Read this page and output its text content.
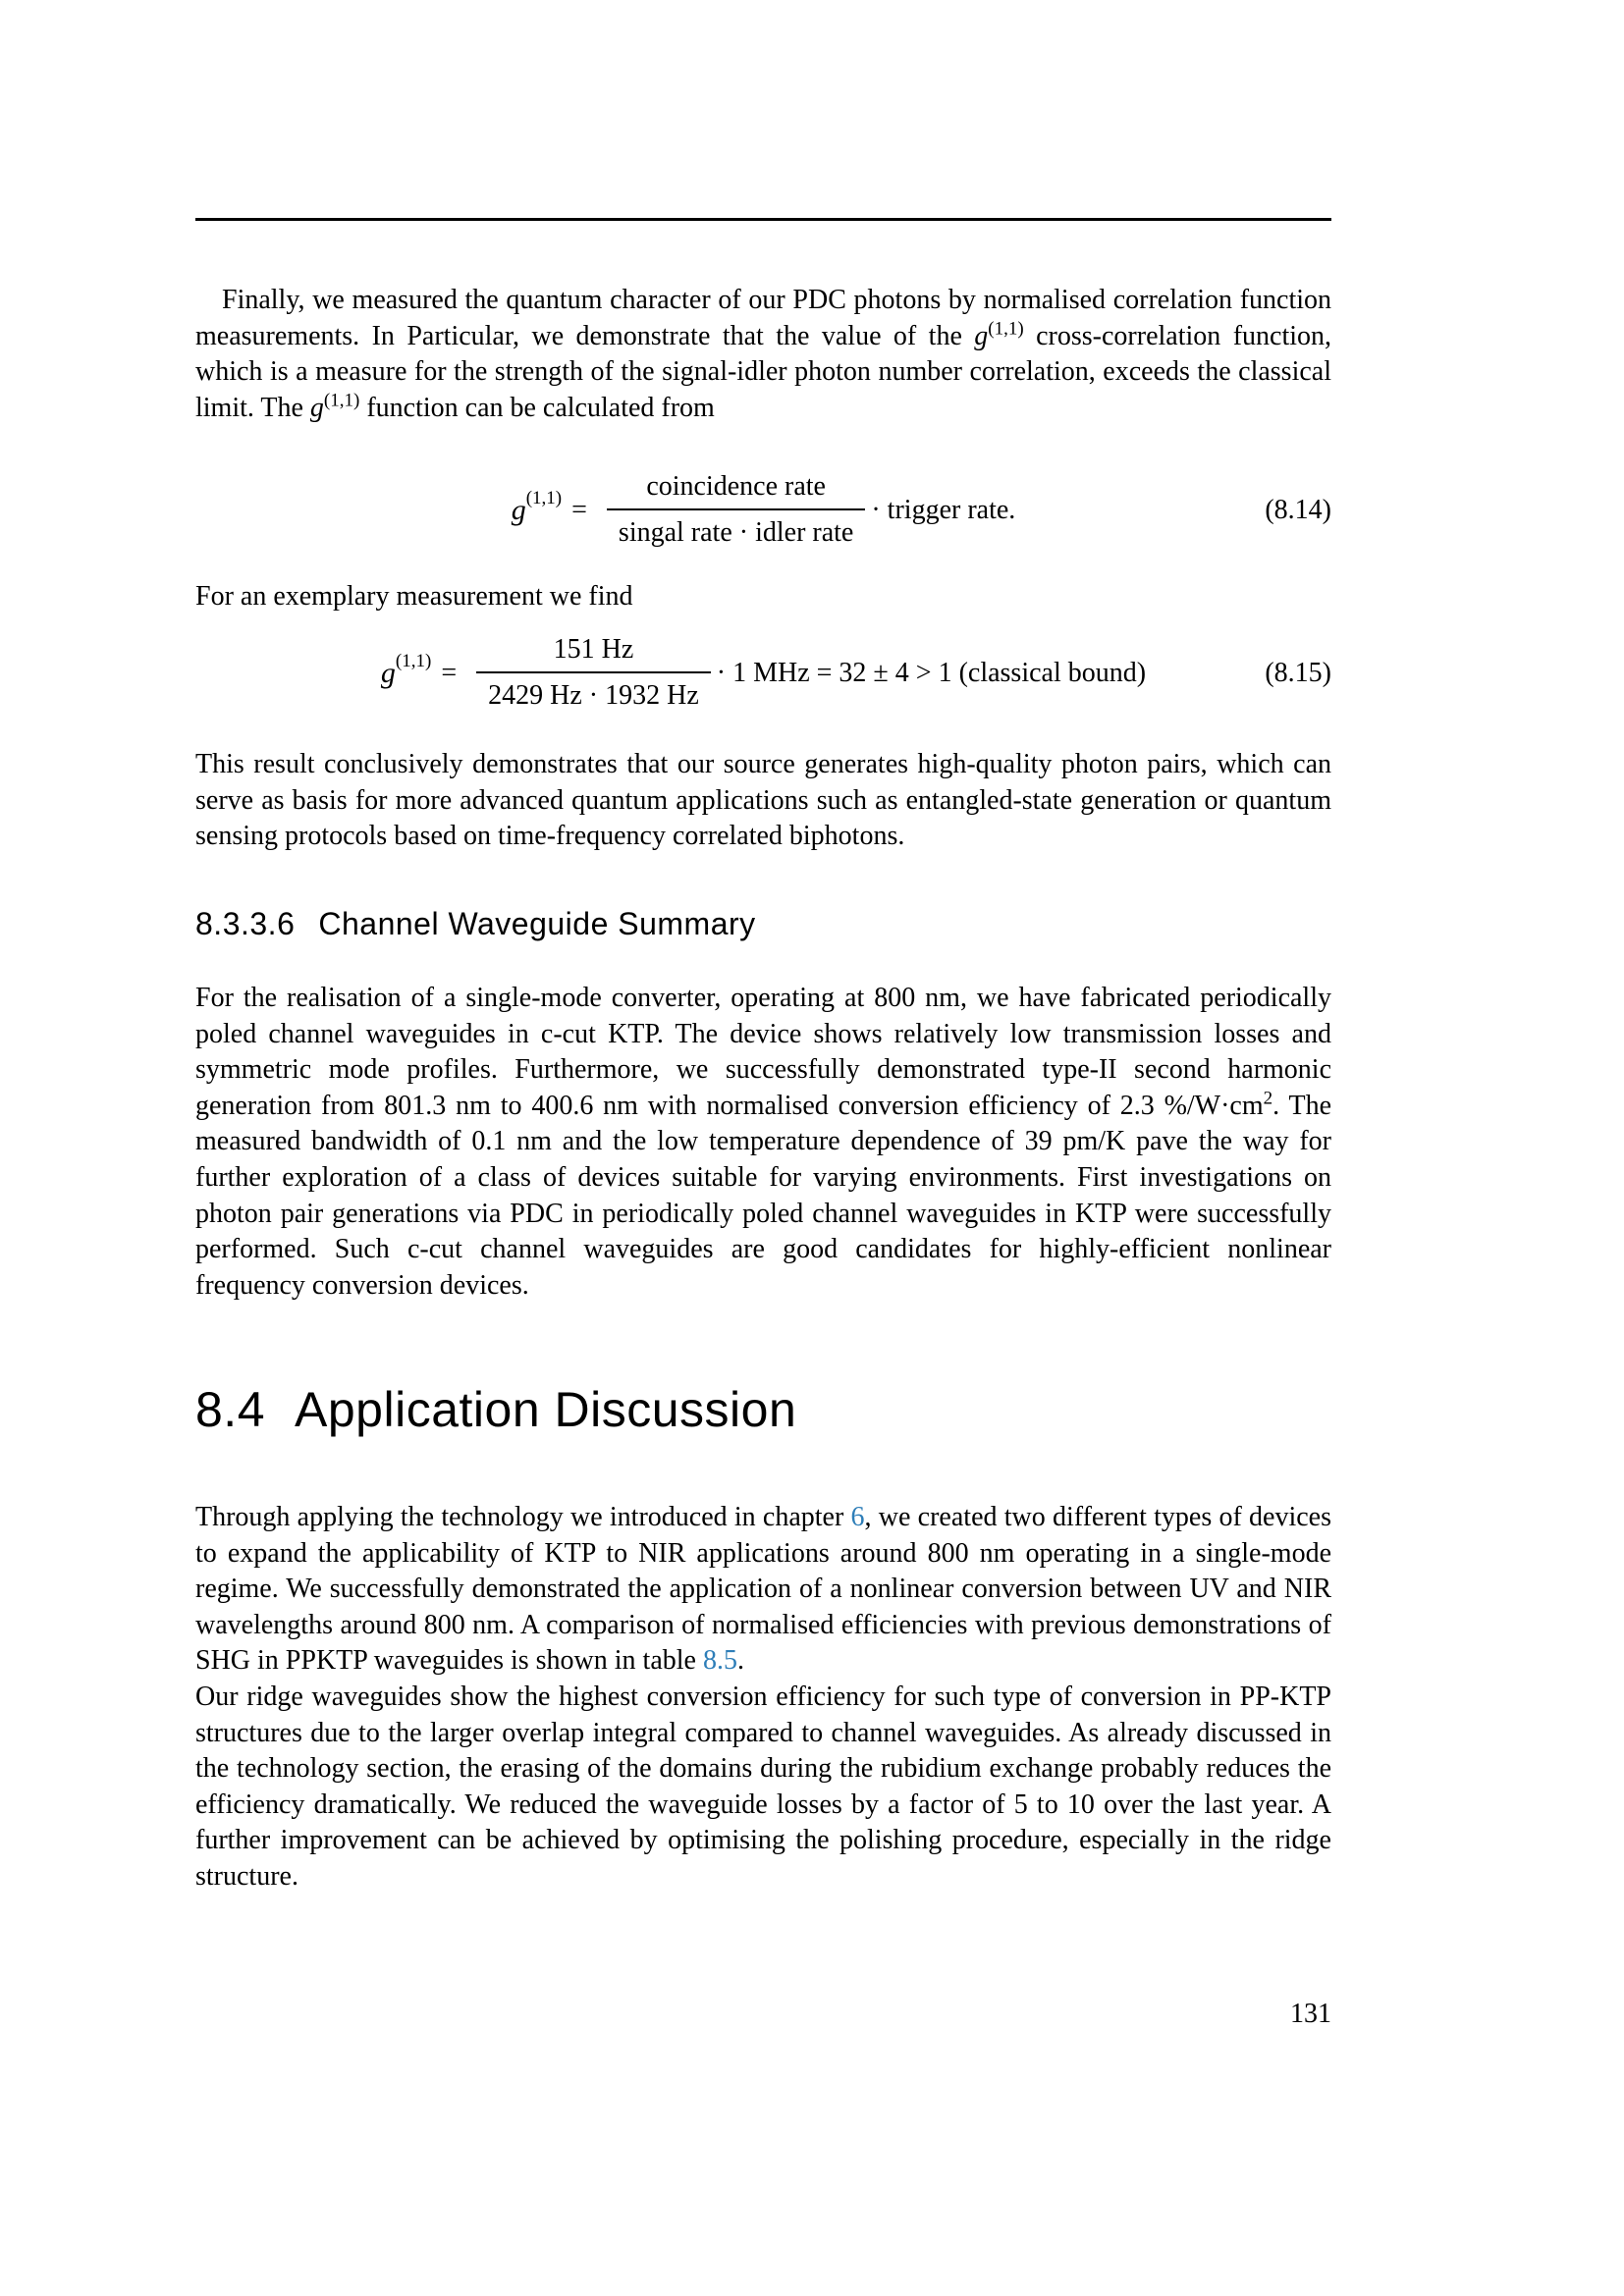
Finally, we measured the quantum character of our PDC photons by normalised correlation function measurements. In Particular, we demonstrate that the value of the $g^{(1,1)}$ cross-correlation function, which is a measure for the strength of the signal-idler photon number correlation, exceeds the classical limit. The $g^{(1,1)}$ function can be calculated from

$g^{(1,1)} = \frac{\text{coincidence rate}}{\text{singal rate · idler rate}}$ · trigger rate.	(8.14)

For an exemplary measurement we find

$g^{(1,1)} = \frac{151 Hz}{2429 Hz \cdot 1932 Hz} \cdot 1$ MHz = 32 ± 4 > 1 (classical bound)	(8.15)

This result conclusively demonstrates that our source generates high-quality photon pairs, which can serve as basis for more advanced quantum applications such as entangled-state generation or quantum sensing protocols based on time-frequency correlated biphotons.

8.3.3.6 Channel Waveguide Summary

For the realisation of a single-mode converter, operating at 800 nm, we have fabricated periodically poled channel waveguides in c-cut KTP. The device shows relatively low transmission losses and symmetric mode profiles. Furthermore, we successfully demonstrated type-II second harmonic generation from 801.3 nm to 400.6 nm with normalised conversion efficiency of 2.3 $\%/W\cdot cm^2$. The measured bandwidth of 0.1 nm and the low temperature dependence of 39 pm/K pave the way for further exploration of a class of devices suitable for varying environments. First investigations on photon pair generations via PDC in periodically poled channel waveguides in KTP were successfully performed. Such c-cut channel waveguides are good candidates for highly-efficient nonlinear frequency conversion devices.

8.4 Application Discussion

Through applying the technology we introduced in chapter 6, we created two different types of devices to expand the applicability of KTP to NIR applications around 800 nm operating in a single-mode regime. We successfully demonstrated the application of a nonlinear conversion between UV and NIR wavelengths around 800 nm. A comparison of normalised efficiencies with previous demonstrations of SHG in PPKTP waveguides is shown in table 8.5.

Our ridge waveguides show the highest conversion efficiency for such type of conversion in PP-KTP structures due to the larger overlap integral compared to channel waveguides. As already discussed in the technology section, the erasing of the domains during the rubidium exchange probably reduces the efficiency dramatically. We reduced the waveguide losses by a factor of 5 to 10 over the last year. A further improvement can be achieved by optimising the polishing procedure, especially in the ridge structure.

131
